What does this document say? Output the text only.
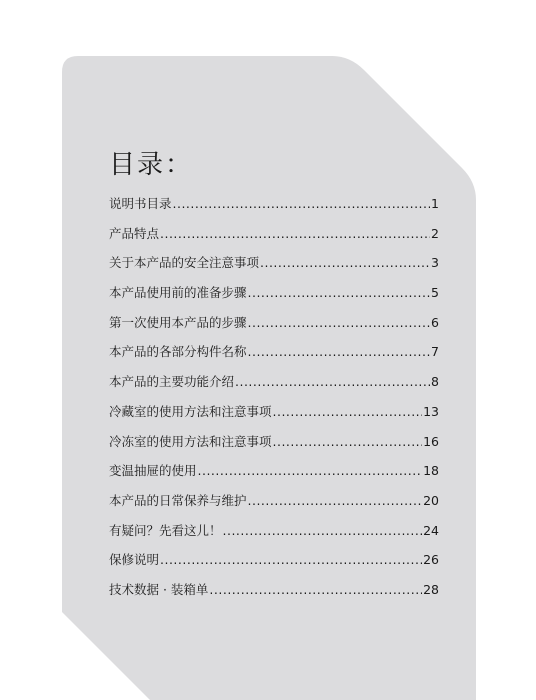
目录：
说明书目录 .....	1
产品特点 .....	2
关于本产品的安全注意事项 .....	3
本产品使用前的准备步骤 .....	5
第一次使用本产品的步骤 .....	6
本产品的各部分构件名称 .....	7
本产品的主要功能介绍 .....	8
冷藏室的使用方法和注意事项 .....	13
冷冻室的使用方法和注意事项 .....	16
变温抽屉的使用 .....	18
本产品的日常保养与维护 .....	20
有疑问？先看这儿！ .....	24
保修说明 .....	26
技术数据 · 装箱单 .....	28
